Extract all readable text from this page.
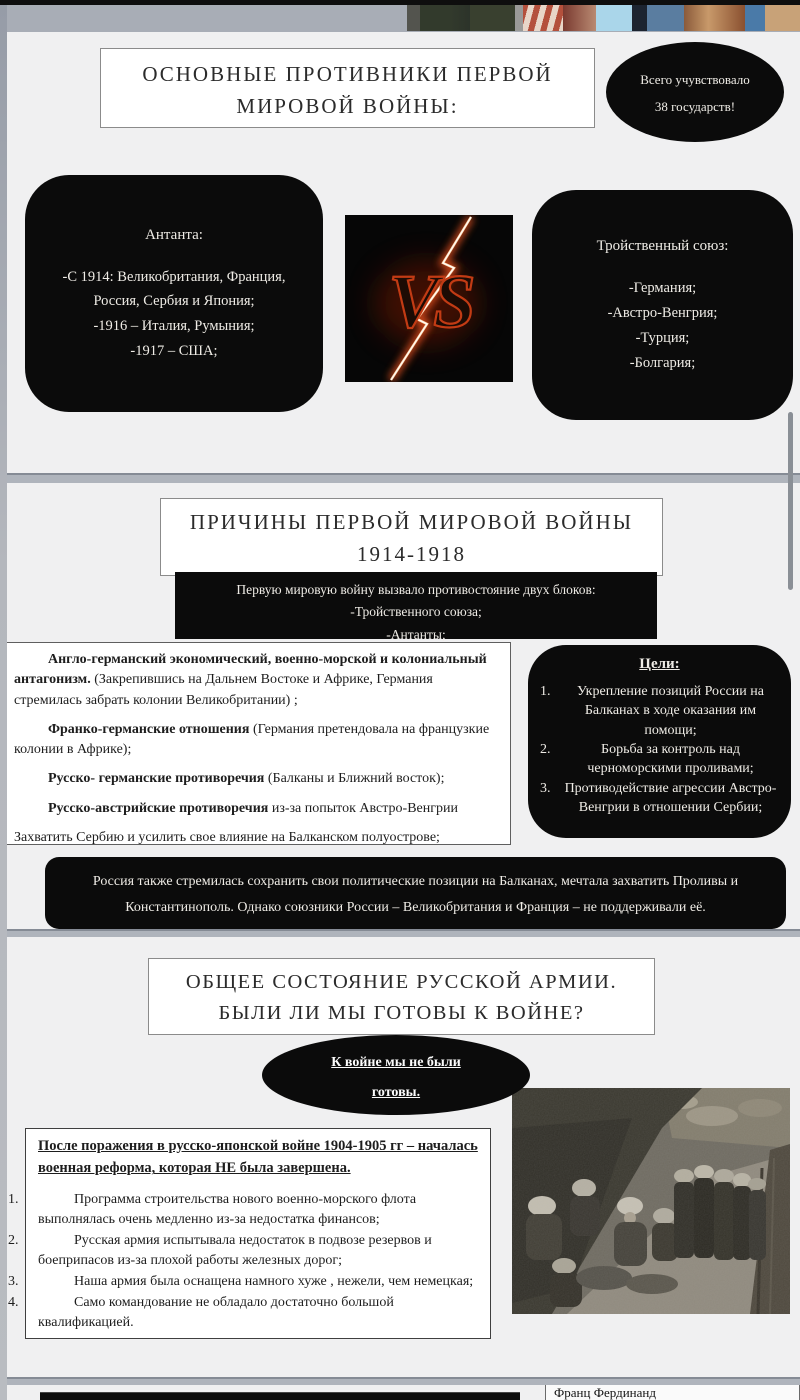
ОСНОВНЫЕ ПРОТИВНИКИ ПЕРВОЙ
МИРОВОЙ ВОЙНЫ:
Всего учувствовало
38 государств!
Антанта:
-С 1914: Великобритания, Франция,
Россия, Сербия и Япония;
-1916 – Италия, Румыния;
-1917 – США;
VS
Тройственный союз:
-Германия;
-Австро-Венгрия;
-Турция;
-Болгария;
ПРИЧИНЫ ПЕРВОЙ МИРОВОЙ ВОЙНЫ
1914-1918
Первую мировую войну вызвало противостояние двух блоков:
-Тройственного союза;
-Антанты;

Англо-германский экономический, военно-морской и колониальный антагонизм. (Закрепившись на Дальнем Востоке и Африке, Германия стремилась забрать колонии Великобритании) ;

Франко-германские отношения (Германия претендовала на французкие колонии в Африке);

Русско- германские противоречия (Балканы и Ближний восток);

Русско-австрийские противоречия из-за попыток Австро-Венгрии

Захватить Сербию и усилить свое влияние на Балканском полуострове;

Цели:
1.	Укрепление позиций России на Балканах в ходе оказания им помощи;
2.	Борьба за контроль над черноморскими проливами;
3.	Противодействие агрессии Австро- Венгрии в отношении Сербии;
Россия также стремилась сохранить свои политические позиции на Балканах, мечтала захватить Проливы и Константинополь. Однако союзники России – Великобритания и Франция – не поддерживали её.
ОБЩЕЕ СОСТОЯНИЕ РУССКОЙ АРМИИ.
БЫЛИ ЛИ МЫ ГОТОВЫ К ВОЙНЕ?
К войне мы не были
готовы.
После поражения в русско-японской войне 1904-1905 гг – началась военная реформа, которая НЕ была завершена.
1.	Программа строительства нового военно-морского флота выполнялась очень медленно из-за недостатка финансов;
2.	Русская армия испытывала недостаток в подвозе резервов и боеприпасов из-за плохой работы железных дорог;
3.	Наша армия была оснащена намного хуже , нежели, чем немецкая;
4.	Само командование не обладало достаточно большой квалификацией.
Франц Фердинанд
